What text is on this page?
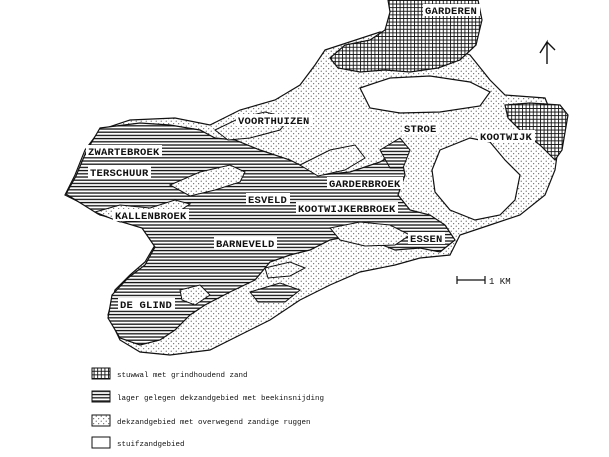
GARDEREN
VOORTHUIZEN
STROE
KOOTWIJK
ZWARTEBROEK
TERSCHUUR
GARDERBROEK
ESVELD
KOOTWIJKERBROEK
KALLENBROEK
ESSEN
BARNEVELD
DE GLIND
1 KM
stuwwal met grindhoudend zand
lager gelegen dekzandgebied met beekinsnijding
dekzandgebied met overwegend zandige ruggen
stuifzandgebied
